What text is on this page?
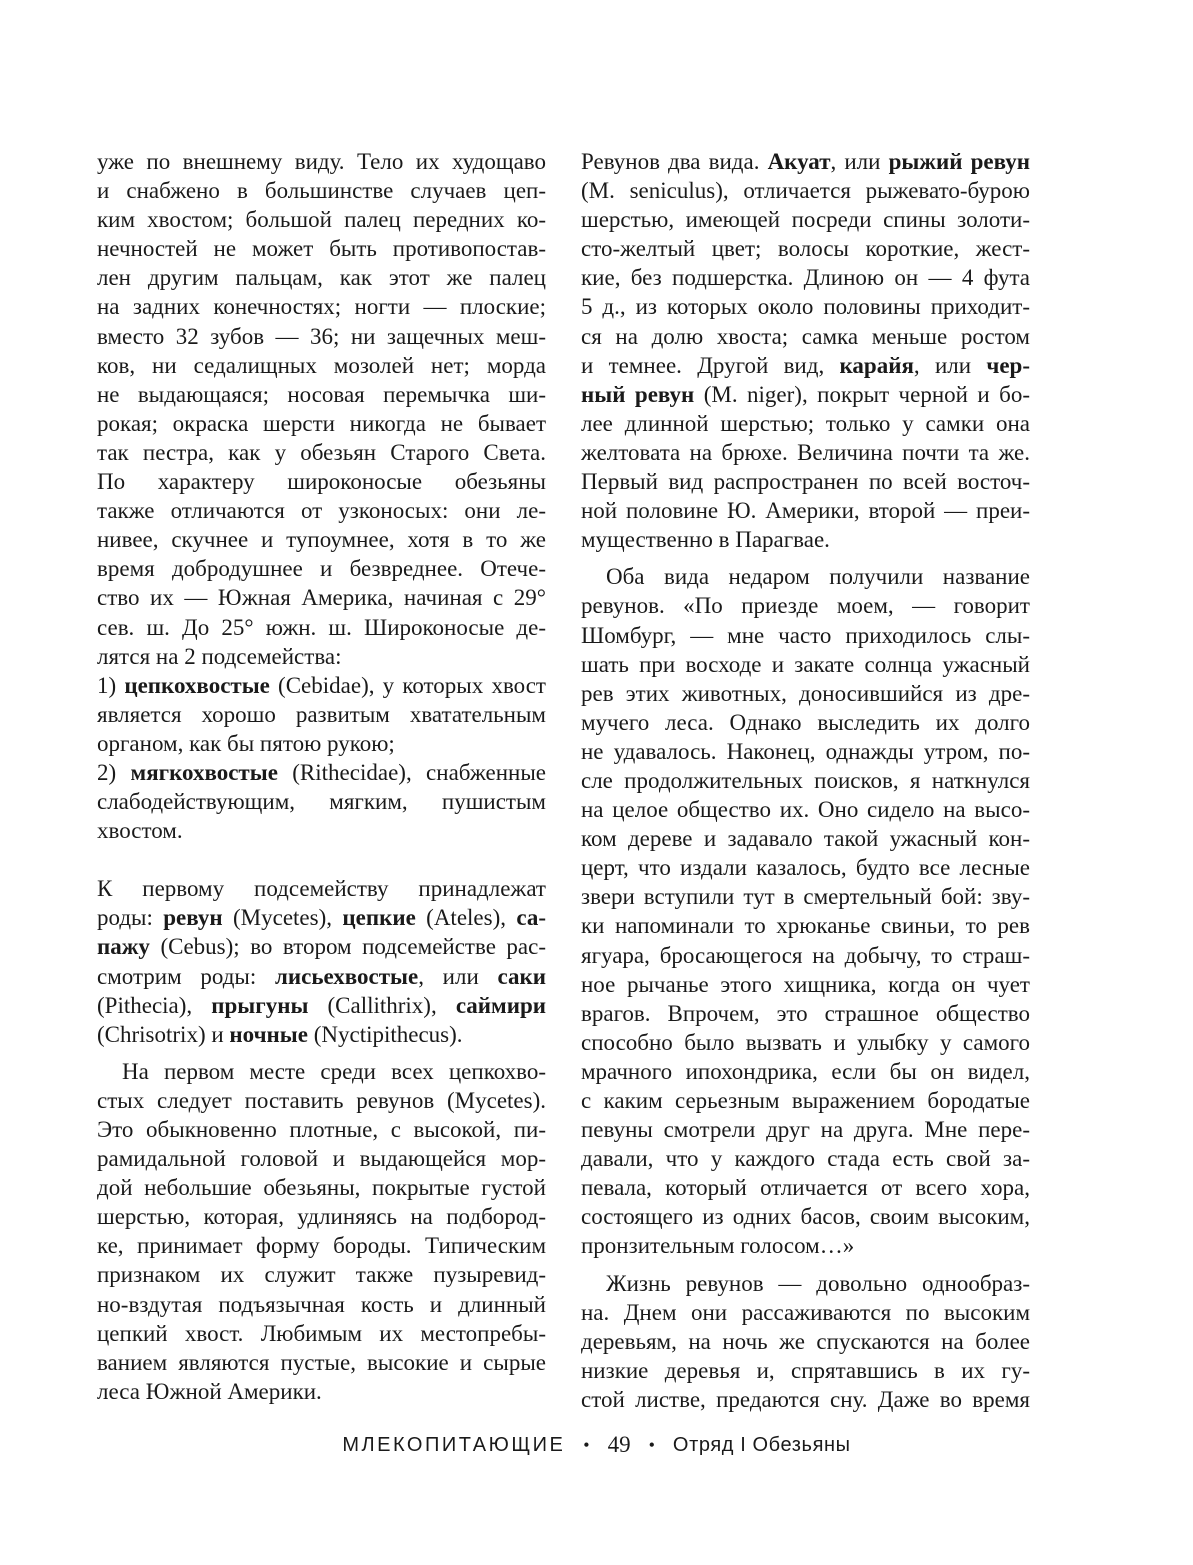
уже по внешнему виду. Тело их худощаво
и снабжено в большинстве случаев цеп-
ким хвостом; большой палец передних ко-
нечностей не может быть противопостав-
лен другим пальцам, как этот же палец
на задних конечностях; ногти — плоские;
вместо 32 зубов — 36; ни защечных меш-
ков, ни седалищных мозолей нет; морда
не выдающаяся; носовая перемычка ши-
рокая; окраска шерсти никогда не бывает
так пестра, как у обезьян Старого Света.
По характеру широконосые обезьяны
также отличаются от узконосых: они ле-
нивее, скучнее и тупоумнее, хотя в то же
время добродушнее и безвреднее. Отече-
ство их — Южная Америка, начиная с 29°
сев. ш. До 25° южн. ш. Широконосые де-
лятся на 2 подсемейства:
1) цепкохвостые (Cebidae), у которых хвост
является хорошо развитым хватательным
органом, как бы пятою рукою;
2) мягкохвостые (Rithecidae), снабженные
слабодействующим, мягким, пушистым
хвостом.
К первому подсемейству принадлежат
роды: ревун (Mycetes), цепкие (Ateles), са-
пажу (Cebus); во втором подсемействе рас-
смотрим роды: лисьехвостые, или саки
(Pithecia), прыгуны (Callithrix), саймири
(Chrisotrix) и ночные (Nyctipithecus).
На первом месте среди всех цепкохво-
стых следует поставить ревунов (Mycetes).
Это обыкновенно плотные, с высокой, пи-
рамидальной головой и выдающейся мор-
дой небольшие обезьяны, покрытые густой
шерстью, которая, удлиняясь на подбород-
ке, принимает форму бороды. Типическим
признаком их служит также пузыревид-
но-вздутая подъязычная кость и длинный
цепкий хвост. Любимым их местопребы-
ванием являются пустые, высокие и сырые
леса Южной Америки.
Ревунов два вида. Акуат, или рыжий ревун
(M. seniculus), отличается рыжевато-бурою
шерстью, имеющей посреди спины золоти-
сто-желтый цвет; волосы короткие, жест-
кие, без подшерстка. Длиною он — 4 фута
5 д., из которых около половины приходит-
ся на долю хвоста; самка меньше ростом
и темнее. Другой вид, карайя, или чер-
ный ревун (M. niger), покрыт черной и бо-
лее длинной шерстью; только у самки она
желтовата на брюхе. Величина почти та же.
Первый вид распространен по всей восточ-
ной половине Ю. Америки, второй — преи-
мущественно в Парагвае.
Оба вида недаром получили название
ревунов. «По приезде моем, — говорит
Шомбург, — мне часто приходилось слы-
шать при восходе и закате солнца ужасный
рев этих животных, доносившийся из дре-
мучего леса. Однако выследить их долго
не удавалось. Наконец, однажды утром, по-
сле продолжительных поисков, я наткнулся
на целое общество их. Оно сидело на высо-
ком дереве и задавало такой ужасный кон-
церт, что издали казалось, будто все лесные
звери вступили тут в смертельный бой: зву-
ки напоминали то хрюканье свиньи, то рев
ягуара, бросающегося на добычу, то страш-
ное рычанье этого хищника, когда он чует
врагов. Впрочем, это страшное общество
способно было вызвать и улыбку у самого
мрачного ипохондрика, если бы он видел,
с каким серьезным выражением бородатые
певуны смотрели друг на друга. Мне пере-
давали, что у каждого стада есть свой за-
певала, который отличается от всего хора,
состоящего из одних басов, своим высоким,
пронзительным голосом…»
Жизнь ревунов — довольно однообраз-
на. Днем они рассаживаются по высоким
деревьям, на ночь же спускаются на более
низкие деревья и, спрятавшись в их гу-
стой листве, предаются сну. Даже во время
МЛЕКОПИТАЮЩИЕ • 49 • Отряд I Обезьяны
